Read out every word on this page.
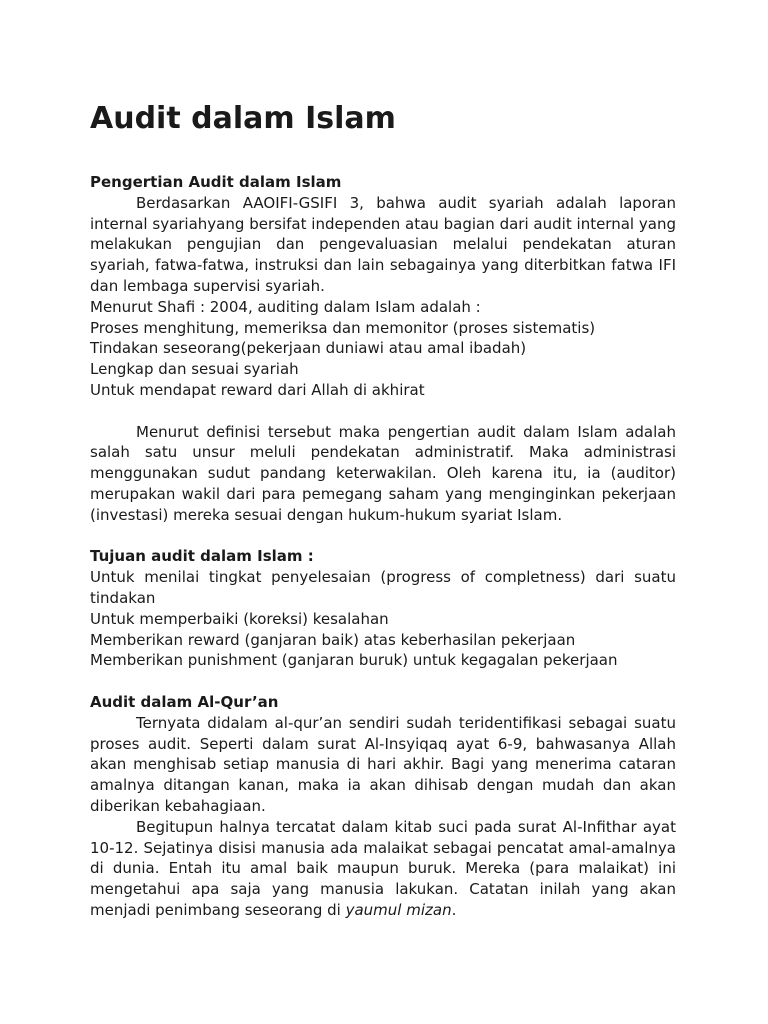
Audit dalam Islam
Pengertian Audit dalam Islam

Berdasarkan AAOIFI-GSIFI 3, bahwa audit syariah adalah laporan internal syariahyang bersifat independen atau bagian dari audit internal yang melakukan pengujian dan pengevaluasian melalui pendekatan aturan syariah, fatwa-fatwa, instruksi dan lain sebagainya yang diterbitkan fatwa IFI dan lembaga supervisi syariah.

Menurut Shafi : 2004, auditing dalam Islam adalah :

Proses menghitung, memeriksa dan memonitor (proses sistematis)

Tindakan seseorang(pekerjaan duniawi atau amal ibadah)

Lengkap dan sesuai syariah

Untuk mendapat reward dari Allah di akhirat

Menurut definisi tersebut maka pengertian audit dalam Islam adalah salah satu unsur meluli pendekatan administratif. Maka administrasi menggunakan sudut pandang keterwakilan. Oleh karena itu, ia (auditor) merupakan wakil dari para pemegang saham yang menginginkan pekerjaan (investasi) mereka sesuai dengan hukum-hukum syariat Islam.

Tujuan audit dalam Islam :

Untuk menilai tingkat penyelesaian (progress of completness) dari suatu tindakan

Untuk memperbaiki (koreksi) kesalahan

Memberikan reward (ganjaran baik) atas keberhasilan pekerjaan

Memberikan punishment (ganjaran buruk) untuk kegagalan pekerjaan

Audit dalam Al-Qur’an

Ternyata didalam al-qur’an sendiri sudah teridentifikasi sebagai suatu proses audit. Seperti dalam surat Al-Insyiqaq ayat 6-9, bahwasanya Allah akan menghisab setiap manusia di hari akhir. Bagi yang menerima cataran amalnya ditangan kanan, maka ia akan dihisab dengan mudah dan akan diberikan kebahagiaan.

Begitupun halnya tercatat dalam kitab suci pada surat Al-Infithar ayat 10-12. Sejatinya disisi manusia ada malaikat sebagai pencatat amal-amalnya di dunia. Entah itu amal baik maupun buruk. Mereka (para malaikat) ini mengetahui apa saja yang manusia lakukan. Catatan inilah yang akan menjadi penimbang seseorang di yaumul mizan.
